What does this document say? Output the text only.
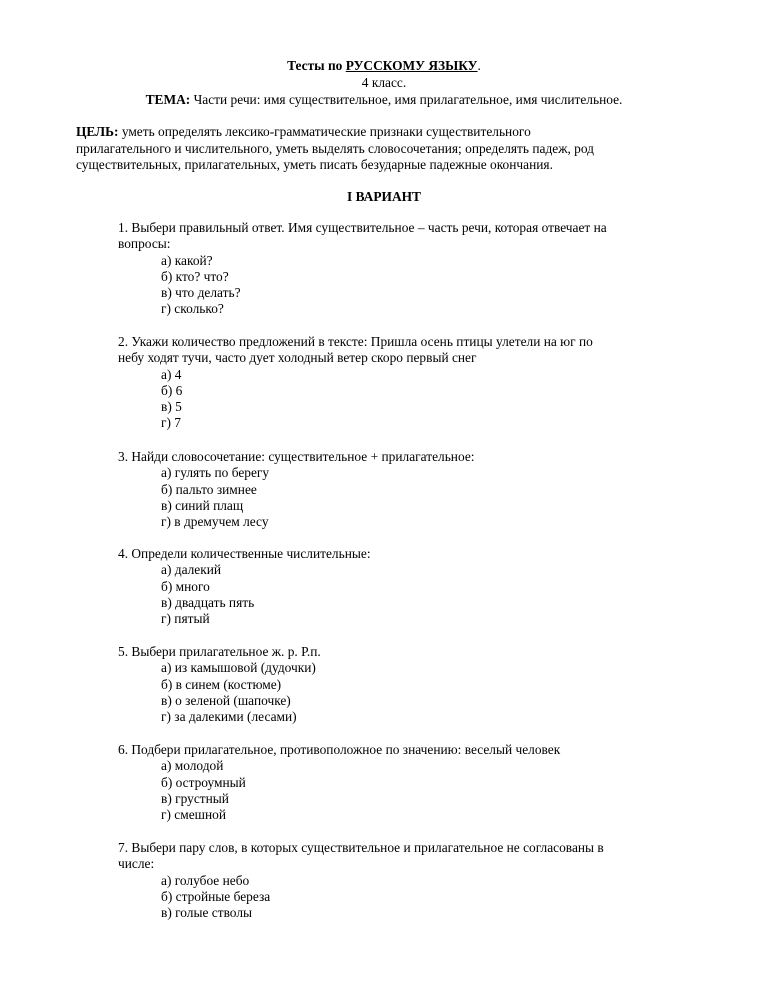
Тесты по РУССКОМУ ЯЗЫКУ.
4 класс.
ТЕМА: Части речи: имя существительное, имя прилагательное, имя числительное.
ЦЕЛЬ: уметь определять лексико-грамматические признаки существительного
прилагательного и числительного, уметь выделять словосочетания; определять падеж, род
существительных, прилагательных, уметь писать безударные падежные окончания.
I ВАРИАНТ
1. Выбери правильный ответ. Имя существительное – часть речи, которая отвечает на
вопросы:
а) какой?
б) кто? что?
в) что делать?
г) сколько?
2. Укажи количество предложений в тексте: Пришла осень птицы улетели на юг по
небу ходят тучи, часто дует холодный ветер скоро первый снег
а) 4
б) 6
в) 5
г) 7
3. Найди словосочетание: существительное + прилагательное:
а) гулять по берегу
б) пальто зимнее
в) синий плащ
г) в дремучем лесу
4. Определи количественные числительные:
а) далекий
б) много
в) двадцать пять
г) пятый
5. Выбери прилагательное ж. р. Р.п.
а) из камышовой (дудочки)
б) в синем (костюме)
в) о зеленой (шапочке)
г) за далекими (лесами)
6. Подбери прилагательное, противоположное по значению: веселый человек
а) молодой
б) остроумный
в) грустный
г) смешной
7. Выбери пару слов, в которых существительное и прилагательное не согласованы в
числе:
а) голубое небо
б) стройные береза
в) голые стволы
